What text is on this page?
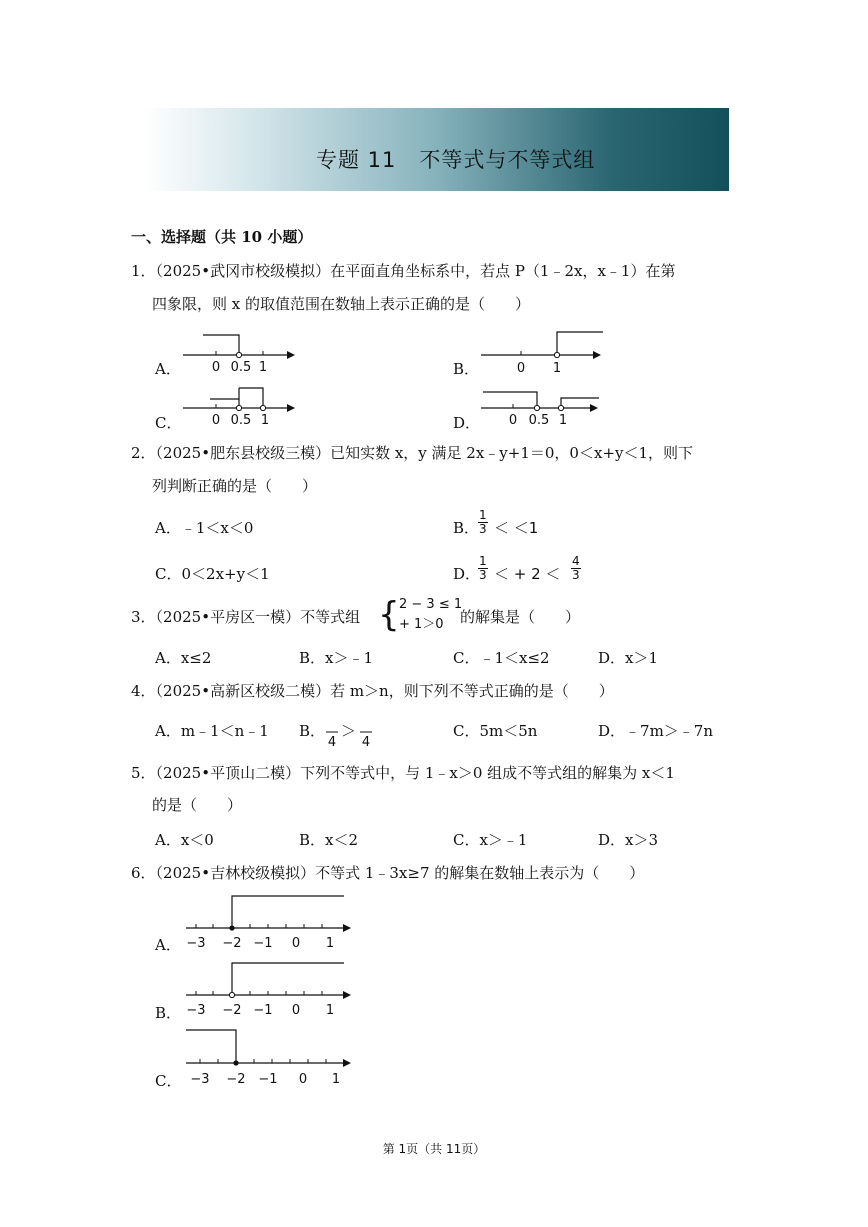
专题 11   不等式与不等式组
一、选择题（共 10 小题）
1．（2025•武冈市校级模拟）在平面直角坐标系中，若点 P（1﹣2x，x﹣1）在第
四象限，则 x 的取值范围在数轴上表示正确的是（　　）
A． 0 0.5 1	B．	0 1
C． 0 0.5 1	D． 0 0.5 1
2．（2025•肥东县校级三模）已知实数 x，y 满足 2x﹣y+1＝0，0＜x+y＜1，则下
列判断正确的是（　　）
A．﹣1＜x＜0	B．
$\frac{1}{3} < <1$
C．0＜2x+y＜1	D．
$\frac{1}{3}$ ＜ + $2 < \frac{4}{3}$
3．（2025•平房区一模）不等式组 { 2 − 3 ≤ 1
+ 1＞0 的解集是（　　）
A．x≤2	B．x＞﹣1	C．﹣1＜x≤2	D．x＞1
4．（2025•高新区校级二模）若 m＞n，则下列不等式正确的是（　　）
A．m﹣1＜n﹣1 B．
4
＞
4
C．5m＜5n	D．﹣7m＞﹣7n
5．（2025•平顶山二模）下列不等式中，与 1﹣x＞0 组成不等式组的解集为 x＜1
的是（　　）
A．x＜0	B．x＜2	C．x＞﹣1	D．x＞3
6．（2025•吉林校级模拟）不等式 1﹣3x≥7 的解集在数轴上表示为（　　）
A． −3 −2 −1 0 1
B． −3 −2 −1 0 1
C． −3 −2 −1 0 1
第 1页（共 11页）
